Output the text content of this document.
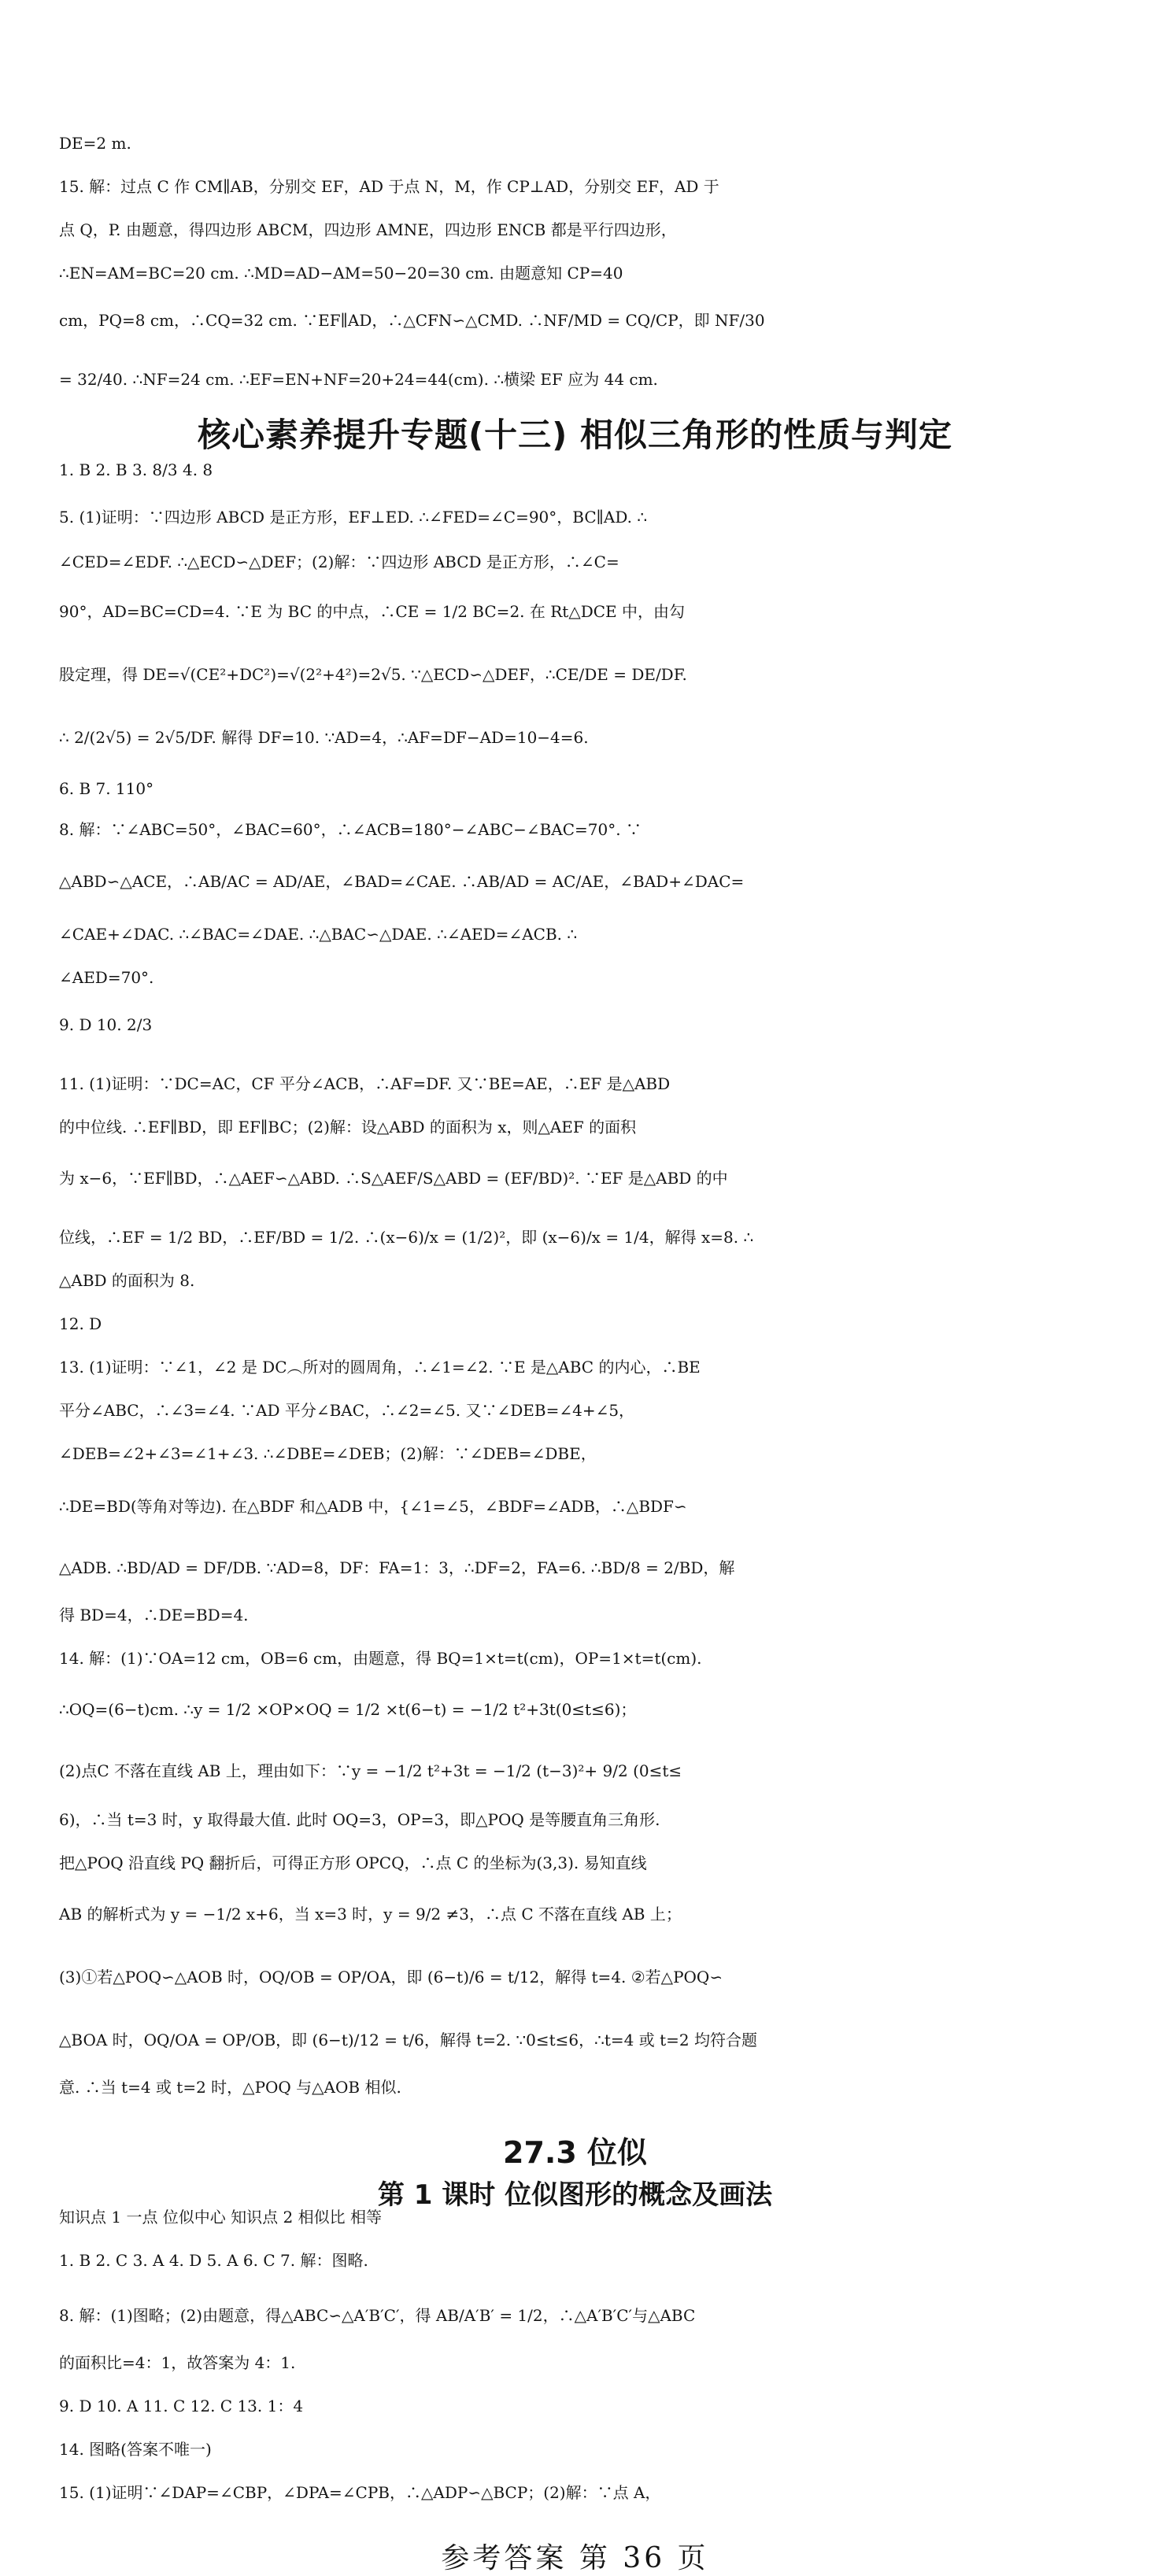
DE=2 m.
15. 解：过点 C 作 CM∥AB，分别交 EF，AD 于点 N，M，作 CP⊥AD，分别交 EF，AD 于
点 Q，P. 由题意，得四边形 ABCM，四边形 AMNE，四边形 ENCB 都是平行四边形，
∴EN=AM=BC=20 cm. ∴MD=AD−AM=50−20=30 cm. 由题意知 CP=40
cm，PQ=8 cm，∴CQ=32 cm. ∵EF∥AD，∴△CFN∽△CMD. ∴NF/MD = CQ/CP，即 NF/30
= 32/40. ∴NF=24 cm. ∴EF=EN+NF=20+24=44(cm). ∴横梁 EF 应为 44 cm.
1. B 2. B 3. 8/3 4. 8
5. (1)证明：∵四边形 ABCD 是正方形，EF⊥ED. ∴∠FED=∠C=90°，BC∥AD. ∴
∠CED=∠EDF. ∴△ECD∽△DEF；(2)解：∵四边形 ABCD 是正方形，∴∠C=
90°，AD=BC=CD=4. ∵E 为 BC 的中点，∴CE = 1/2 BC=2. 在 Rt△DCE 中，由勾
股定理，得 DE=√(CE²+DC²)=√(2²+4²)=2√5. ∵△ECD∽△DEF，∴CE/DE = DE/DF.
∴ 2/(2√5) = 2√5/DF. 解得 DF=10. ∵AD=4，∴AF=DF−AD=10−4=6.
6. B 7. 110°
8. 解：∵∠ABC=50°，∠BAC=60°，∴∠ACB=180°−∠ABC−∠BAC=70°. ∵
△ABD∽△ACE，∴AB/AC = AD/AE，∠BAD=∠CAE. ∴AB/AD = AC/AE，∠BAD+∠DAC=
∠CAE+∠DAC. ∴∠BAC=∠DAE. ∴△BAC∽△DAE. ∴∠AED=∠ACB. ∴
∠AED=70°.
9. D 10. 2/3
11. (1)证明：∵DC=AC，CF 平分∠ACB，∴AF=DF. 又∵BE=AE，∴EF 是△ABD
的中位线. ∴EF∥BD，即 EF∥BC；(2)解：设△ABD 的面积为 x，则△AEF 的面积
为 x−6，∵EF∥BD，∴△AEF∽△ABD. ∴S△AEF/S△ABD = (EF/BD)². ∵EF 是△ABD 的中
位线，∴EF = 1/2 BD，∴EF/BD = 1/2. ∴(x−6)/x = (1/2)²，即 (x−6)/x = 1/4，解得 x=8. ∴
△ABD 的面积为 8.
12. D
13. (1)证明：∵∠1，∠2 是 DC︵所对的圆周角，∴∠1=∠2. ∵E 是△ABC 的内心，∴BE
平分∠ABC，∴∠3=∠4. ∵AD 平分∠BAC，∴∠2=∠5. 又∵∠DEB=∠4+∠5，
∠DEB=∠2+∠3=∠1+∠3. ∴∠DBE=∠DEB；(2)解：∵∠DEB=∠DBE，
∴DE=BD(等角对等边). 在△BDF 和△ADB 中，{∠1=∠5，∠BDF=∠ADB，∴△BDF∽
△ADB. ∴BD/AD = DF/DB. ∵AD=8，DF：FA=1：3，∴DF=2，FA=6. ∴BD/8 = 2/BD，解
得 BD=4，∴DE=BD=4.
14. 解：(1)∵OA=12 cm，OB=6 cm，由题意，得 BQ=1×t=t(cm)，OP=1×t=t(cm).
∴OQ=(6−t)cm. ∴y = 1/2 ×OP×OQ = 1/2 ×t(6−t) = −1/2 t²+3t(0≤t≤6)；
(2)点C 不落在直线 AB 上，理由如下：∵y = −1/2 t²+3t = −1/2 (t−3)²+ 9/2 (0≤t≤
6)，∴当 t=3 时，y 取得最大值. 此时 OQ=3，OP=3，即△POQ 是等腰直角三角形.
把△POQ 沿直线 PQ 翻折后，可得正方形 OPCQ，∴点 C 的坐标为(3,3). 易知直线
AB 的解析式为 y = −1/2 x+6，当 x=3 时，y = 9/2 ≠3，∴点 C 不落在直线 AB 上；
(3)①若△POQ∽△AOB 时，OQ/OB = OP/OA，即 (6−t)/6 = t/12，解得 t=4. ②若△POQ∽
△BOA 时，OQ/OA = OP/OB，即 (6−t)/12 = t/6，解得 t=2. ∵0≤t≤6，∴t=4 或 t=2 均符合题
意. ∴当 t=4 或 t=2 时，△POQ 与△AOB 相似.
知识点 1 一点 位似中心 知识点 2 相似比 相等
1. B 2. C 3. A 4. D 5. A 6. C 7. 解：图略.
8. 解：(1)图略；(2)由题意，得△ABC∽△A′B′C′，得 AB/A′B′ = 1/2，∴△A′B′C′与△ABC
的面积比=4：1，故答案为 4：1.
9. D 10. A 11. C 12. C 13. 1：4
14. 图略(答案不唯一)
15. (1)证明∵∠DAP=∠CBP，∠DPA=∠CPB，∴△ADP∽△BCP；(2)解：∵点 A，
核心素养提升专题(十三) 相似三角形的性质与判定
27.3 位似
第 1 课时 位似图形的概念及画法
参考答案 第 36 页
